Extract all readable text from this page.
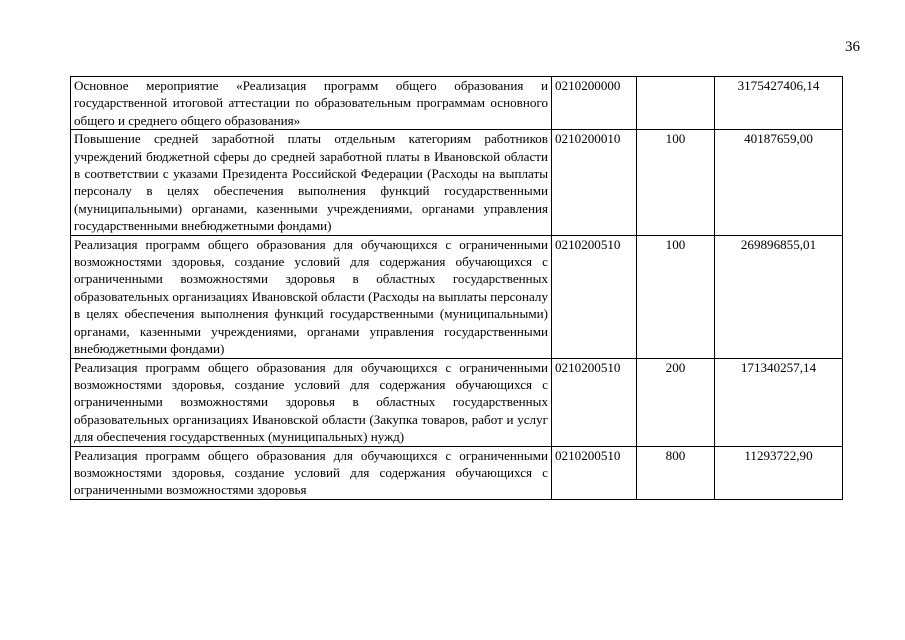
36
Основное мероприятие «Реализация программ общего образования и государственной итоговой аттестации по образовательным программам основного общего и среднего общего образования»	0210200000		3175427406,14
Повышение средней заработной платы отдельным категориям работников учреждений бюджетной сферы до средней заработной платы в Ивановской области в соответствии с указами Президента Российской Федерации (Расходы на выплаты персоналу в целях обеспечения выполнения функций государственными (муниципальными) органами, казенными учреждениями, органами управления государственными внебюджетными фондами)	0210200010	100	40187659,00
Реализация программ общего образования для обучающихся с ограниченными возможностями здоровья, создание условий для содержания обучающихся с ограниченными возможностями здоровья в областных государственных образовательных организациях Ивановской области (Расходы на выплаты персоналу в целях обеспечения выполнения функций государственными (муниципальными) органами, казенными учреждениями, органами управления государственными внебюджетными фондами)	0210200510	100	269896855,01
Реализация программ общего образования для обучающихся с ограниченными возможностями здоровья, создание условий для содержания обучающихся с ограниченными возможностями здоровья в областных государственных образовательных организациях Ивановской области (Закупка товаров, работ и услуг для обеспечения государственных (муниципальных) нужд)	0210200510	200	171340257,14
Реализация программ общего образования для обучающихся с ограниченными возможностями здоровья, создание условий для содержания обучающихся с ограниченными возможностями здоровья	0210200510	800	11293722,90
